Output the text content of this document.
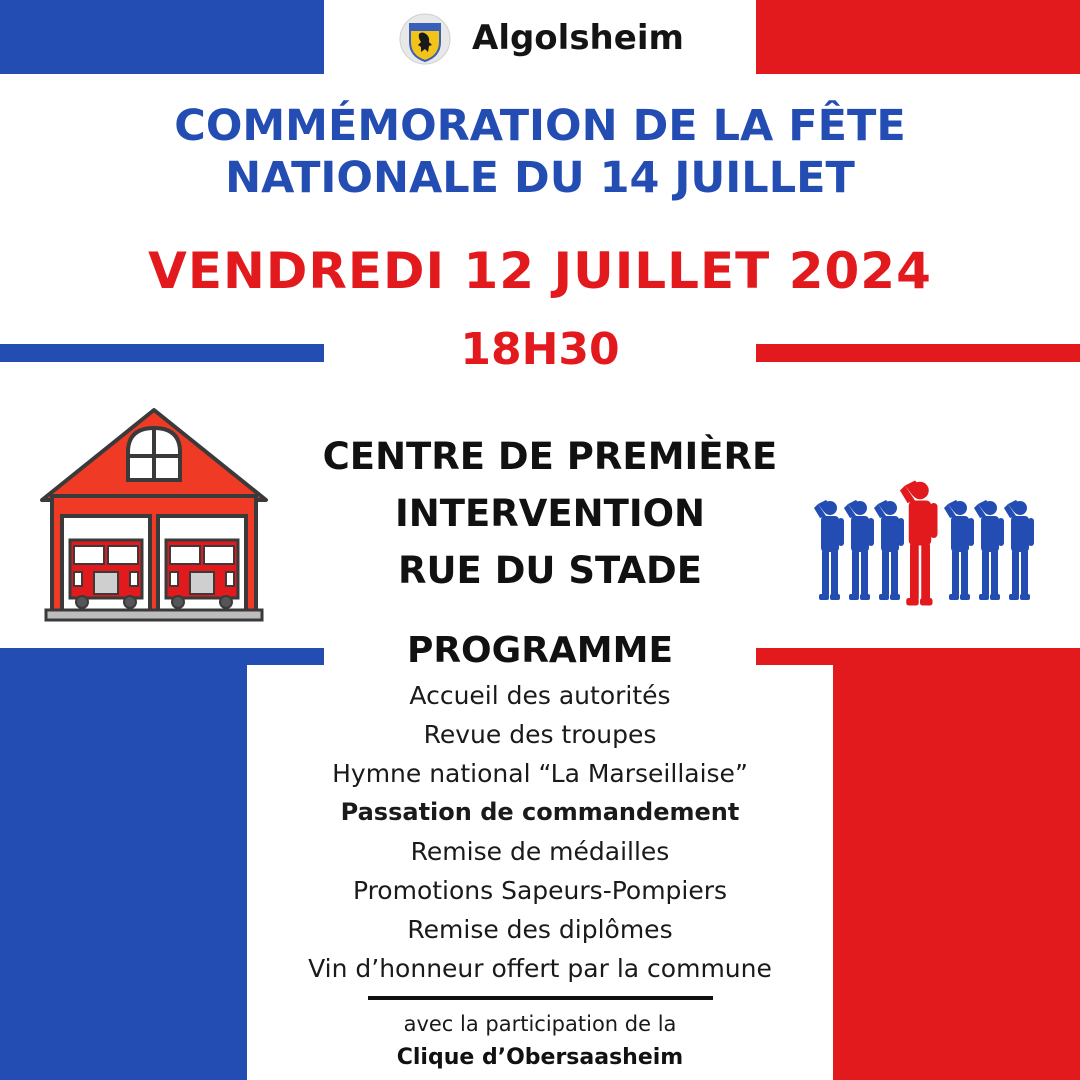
Algolsheim
COMMÉMORATION DE LA FÊTE
NATIONALE DU 14 JUILLET
VENDREDI 12 JUILLET 2024
18H30
CENTRE DE PREMIÈRE
INTERVENTION
RUE DU STADE
PROGRAMME
Accueil des autorités
Revue des troupes
Hymne national “La Marseillaise”
Passation de commandement
Remise de médailles
Promotions Sapeurs-Pompiers
Remise des diplômes
Vin d’honneur offert par la commune
avec la participation de la
Clique d’Obersaasheim
